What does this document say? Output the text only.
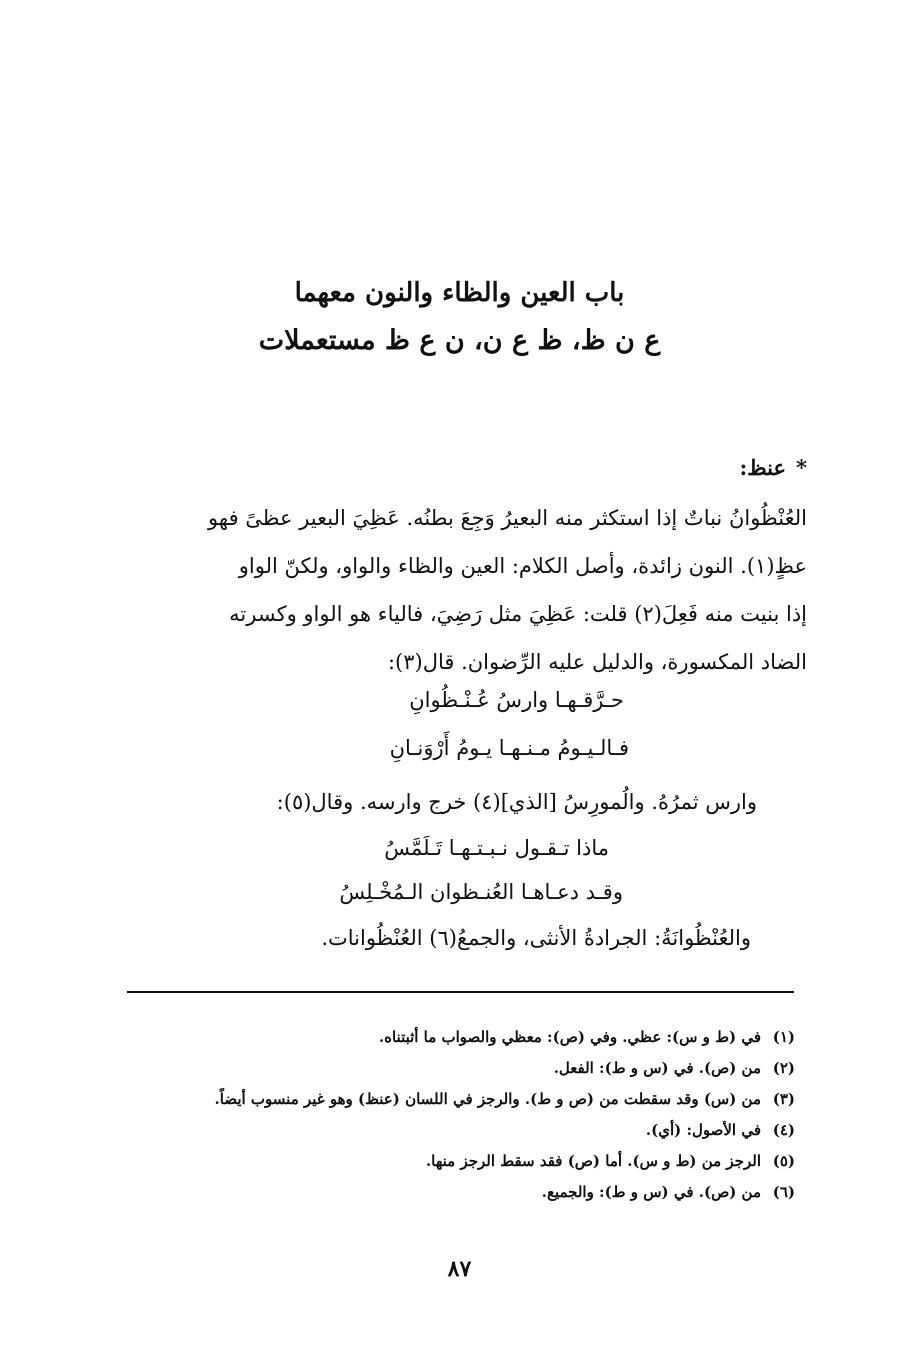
باب العين والظاء والنون معهما
ع ن ظ، ظ ع ن، ن ع ظ مستعملات
*عنظ:

العُنْظُوانُ نباتٌ إذا استكثر منه البعيرُ وَجِعَ بطنُه. عَظِيَ البعير عظىً فهو

عظٍ(١). النون زائدة، وأصل الكلام: العين والظاء والواو، ولكنّ الواو

إذا بنيت منه فَعِلَ(٢) قلت: عَظِيَ مثل رَضِيَ، فالياء هو الواو وكسرته

الضاد المكسورة، والدليل عليه الرِّضوان. قال(٣):

حـرَّقـهـا وارسُ عُـنْـظُوانِ
فـالـيـومُ مـنـهـا يـومُ أَرْوَنـانِ
وارس ثمرُهُ. والُمورِسُ [الذي](٤) خرج وارسه. وقال(٥):
ماذا تـقـول نـبـتـهـا تَـلَمَّسُ
وقـد دعـاهـا العُنـظوان الـمُخْـلِسُ
والعُنْظُوانَةُ: الجرادةُ الأنثى، والجمعُ(٦) العُنْظُوانات.
(١)في (ط و س): عظي. وفي (ص): معظي والصواب ما أثبتناه.
(٢)من (ص). في (س و ط): الفعل.
(٣)من (س) وقد سقطت من (ص و ط). والرجز في اللسان (عنظ) وهو غير منسوب أيضاً.
(٤)في الأصول: (أي).
(٥)الرجز من (ط و س). أما (ص) فقد سقط الرجز منها.
(٦)من (ص). في (س و ط): والجميع.
٨٧
